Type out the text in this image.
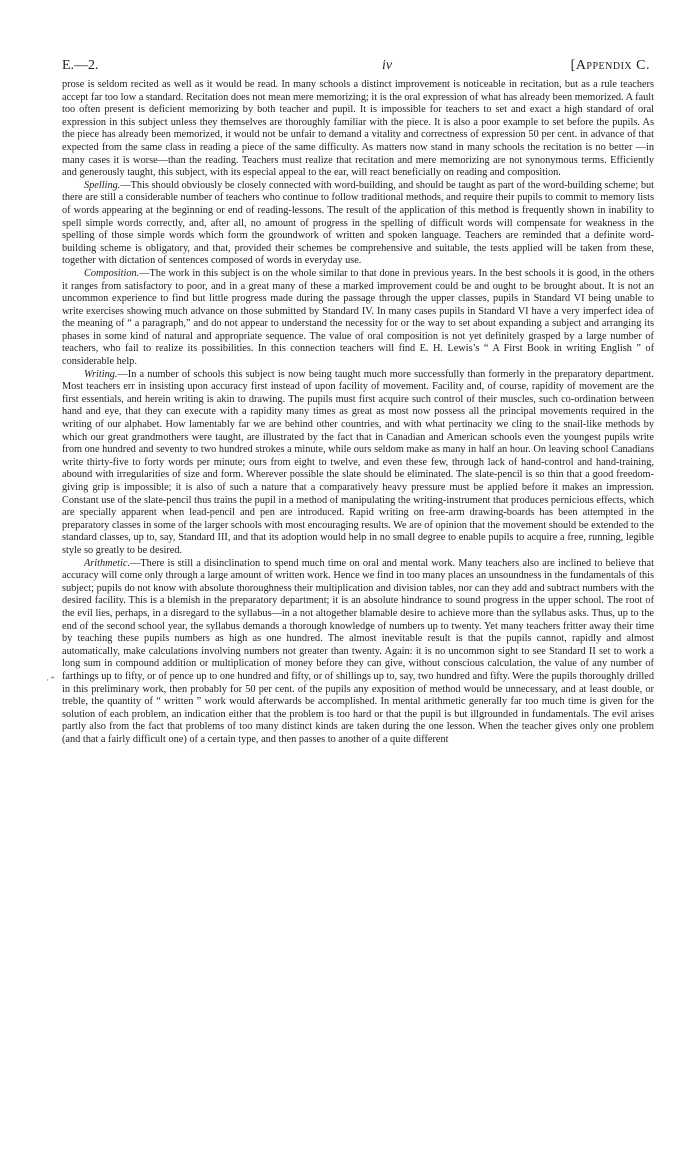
E.—2.	iv	[Appendix C.
·⌃

prose is seldom recited as well as it would be read. In many schools a distinct improvement is noticeable in recitation, but as a rule teachers accept far too low a standard. Recitation does not mean mere memorizing; it is the oral expression of what has already been memorized. A fault too often present is deficient memorizing by both teacher and pupil. It is impossible for teachers to set and exact a high standard of oral expression in this subject unless they themselves are thoroughly familiar with the piece. It is also a poor example to set before the pupils. As the piece has already been memorized, it would not be unfair to demand a vitality and correctness of expression 50 per cent. in advance of that expected from the same class in reading a piece of the same difficulty. As matters now stand in many schools the recitation is no better —in many cases it is worse—than the reading. Teachers must realize that recitation and mere memorizing are not synonymous terms. Efficiently and generously taught, this subject, with its especial appeal to the ear, will react beneficially on reading and composition.

Spelling.—This should obviously be closely connected with word-building, and should be taught as part of the word-building scheme; but there are still a considerable number of teachers who continue to follow traditional methods, and require their pupils to commit to memory lists of words appearing at the beginning or end of reading-lessons. The result of the application of this method is frequently shown in inability to spell simple words correctly, and, after all, no amount of progress in the spelling of difficult words will compensate for weakness in the spelling of those simple words which form the groundwork of written and spoken language. Teachers are reminded that a definite word-building scheme is obligatory, and that, provided their schemes be comprehensive and suitable, the tests applied will be taken from these, together with dictation of sentences composed of words in everyday use.

Composition.—The work in this subject is on the whole similar to that done in previous years. In the best schools it is good, in the others it ranges from satisfactory to poor, and in a great many of these a marked improvement could be and ought to be brought about. It is not an uncommon experience to find but little progress made during the passage through the upper classes, pupils in Standard VI being unable to write exercises showing much advance on those submitted by Standard IV. In many cases pupils in Standard VI have a very imperfect idea of the meaning of “ a paragraph,” and do not appear to understand the necessity for or the way to set about expanding a subject and arranging its phases in some kind of natural and appropriate sequence. The value of oral composition is not yet definitely grasped by a large number of teachers, who fail to realize its possibilities. In this connection teachers will find E. H. Lewis’s “ A First Book in writing English ” of considerable help.

Writing.—In a number of schools this subject is now being taught much more successfully than formerly in the preparatory department. Most teachers err in insisting upon accuracy first instead of upon facility of movement. Facility and, of course, rapidity of movement are the first essentials, and herein writing is akin to drawing. The pupils must first acquire such control of their muscles, such co-ordination between hand and eye, that they can execute with a rapidity many times as great as most now possess all the principal movements required in the writing of our alphabet. How lamentably far we are behind other countries, and with what pertinacity we cling to the snail-like methods by which our great grandmothers were taught, are illustrated by the fact that in Canadian and American schools even the youngest pupils write from one hundred and seventy to two hundred strokes a minute, while ours seldom make as many in half an hour. On leaving school Canadians write thirty-five to forty words per minute; ours from eight to twelve, and even these few, through lack of hand-control and hand-training, abound with irregularities of size and form. Wherever possible the slate should be eliminated. The slate-pencil is so thin that a good freedom-giving grip is impossible; it is also of such a nature that a comparatively heavy pressure must be applied before it makes an impression. Constant use of the slate-pencil thus trains the pupil in a method of manipulating the writing-instrument that produces pernicious effects, which are specially apparent when lead-pencil and pen are introduced. Rapid writing on free-arm drawing-boards has been attempted in the preparatory classes in some of the larger schools with most encouraging results. We are of opinion that the movement should be extended to the standard classes, up to, say, Standard III, and that its adoption would help in no small degree to enable pupils to acquire a free, running, legible style so greatly to be desired.

Arithmetic.—There is still a disinclination to spend much time on oral and mental work. Many teachers also are inclined to believe that accuracy will come only through a large amount of written work. Hence we find in too many places an unsoundness in the fundamentals of this subject; pupils do not know with absolute thoroughness their multiplication and division tables, nor can they add and subtract numbers with the desired facility. This is a blemish in the preparatory department; it is an absolute hindrance to sound progress in the upper school. The root of the evil lies, perhaps, in a disregard to the syllabus—in a not altogether blamable desire to achieve more than the syllabus asks. Thus, up to the end of the second school year, the syllabus demands a thorough knowledge of numbers up to twenty. Yet many teachers fritter away their time by teaching these pupils numbers as high as one hundred. The almost inevitable result is that the pupils cannot, rapidly and almost automatically, make calculations involving numbers not greater than twenty. Again: it is no uncommon sight to see Standard II set to work a long sum in compound addition or multiplication of money before they can give, without conscious calculation, the value of any number of farthings up to fifty, or of pence up to one hundred and fifty, or of shillings up to, say, two hundred and fifty. Were the pupils thoroughly drilled in this preliminary work, then probably for 50 per cent. of the pupils any exposition of method would be unnecessary, and at least double, or treble, the quantity of “ written ” work would afterwards be accomplished. In mental arithmetic generally far too much time is given for the solution of each problem, an indication either that the problem is too hard or that the pupil is but illgrounded in fundamentals. The evil arises partly also from the fact that problems of too many distinct kinds are taken during the one lesson. When the teacher gives only one problem (and that a fairly difficult one) of a certain type, and then passes to another of a quite different
